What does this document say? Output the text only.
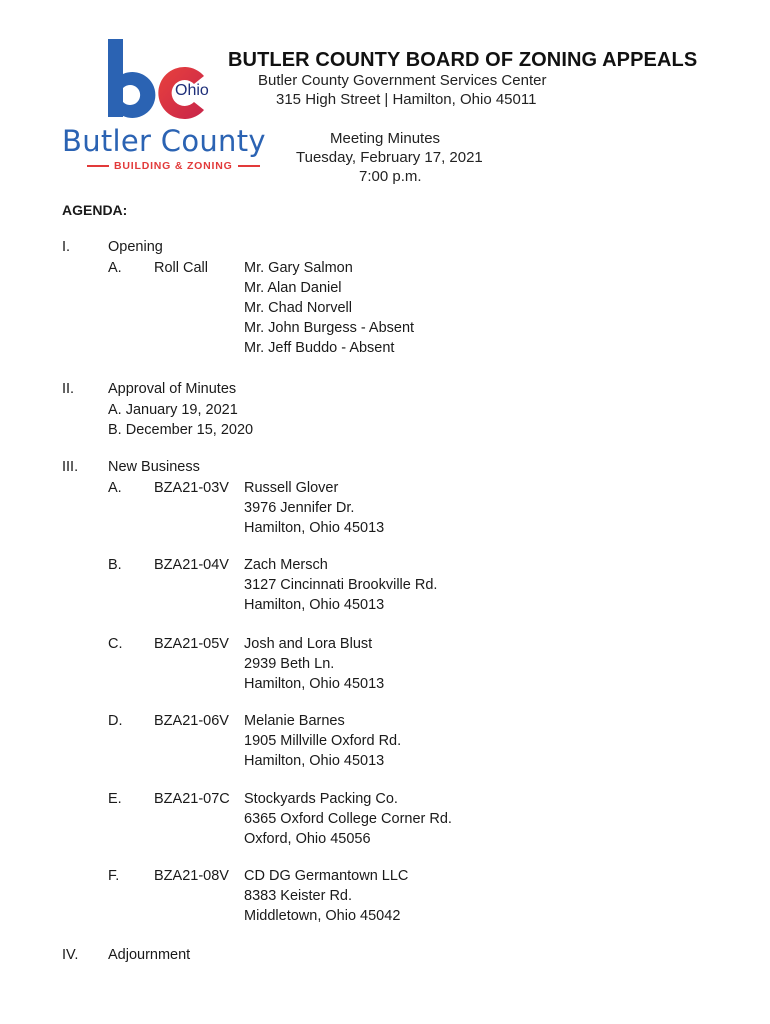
Ohio
Butler County
BUILDING & ZONING
BUTLER COUNTY BOARD OF ZONING APPEALS
Butler County Government Services Center
315 High Street | Hamilton, Ohio 45011
Meeting Minutes
Tuesday, February 17, 2021
7:00 p.m.
AGENDA:
I.	Opening
A. Roll Call Mr. Gary Salmon
Mr. Alan Daniel
Mr. Chad Norvell
Mr. John Burgess - Absent
Mr. Jeff Buddo - Absent
II. Approval of Minutes
A. January 19, 2021
B. December 15, 2020
III. New Business
A. BZA21-03V Russell Glover
3976 Jennifer Dr.
Hamilton, Ohio 45013
B. BZA21-04V Zach Mersch
3127 Cincinnati Brookville Rd.
Hamilton, Ohio 45013
C. BZA21-05V Josh and Lora Blust
2939 Beth Ln.
Hamilton, Ohio 45013
D. BZA21-06V Melanie Barnes
1905 Millville Oxford Rd.
Hamilton, Ohio 45013
E. BZA21-07C Stockyards Packing Co.
6365 Oxford College Corner Rd.
Oxford, Ohio 45056
F. BZA21-08V CD DG Germantown LLC
8383 Keister Rd.
Middletown, Ohio 45042
IV. Adjournment
